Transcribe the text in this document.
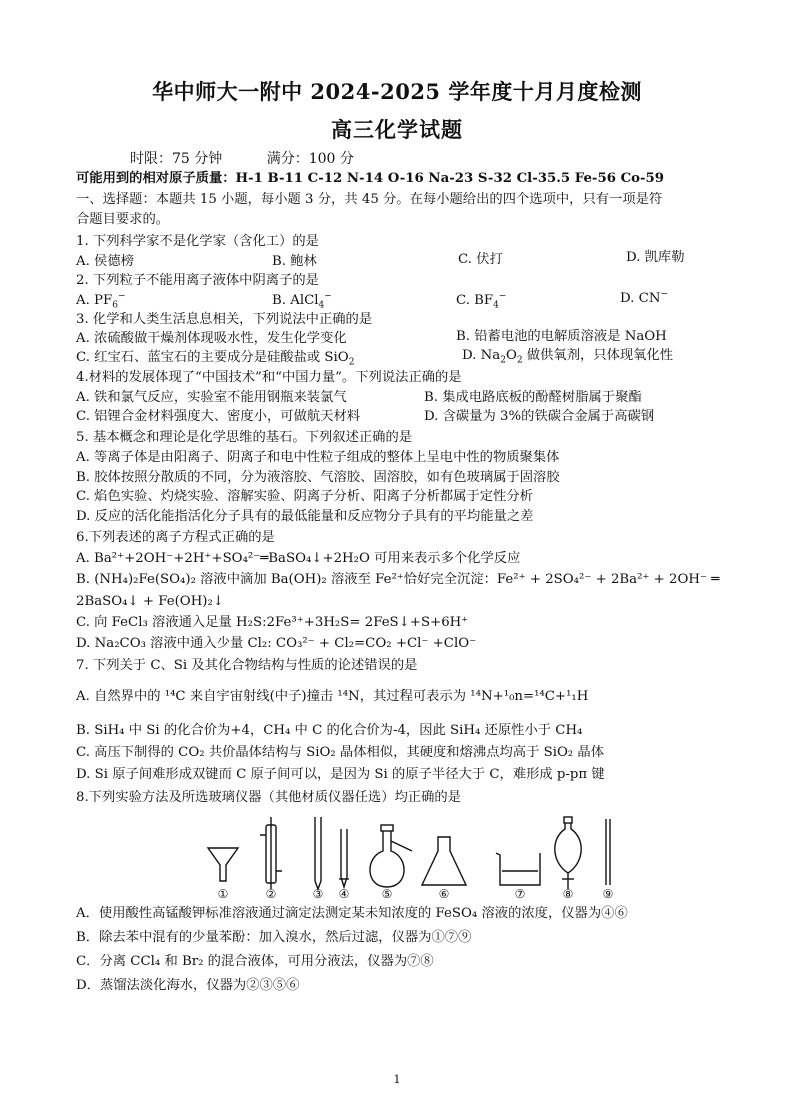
华中师大一附中 2024-2025 学年度十月月度检测
高三化学试题
时限：75 分钟	满分：100 分
可能用到的相对原子质量：H-1 B-11 C-12 N-14 O-16 Na-23 S-32 Cl-35.5 Fe-56 Co-59
一、选择题：本题共 15 小题，每小题 3 分，共 45 分。在每小题给出的四个选项中，只有一项是符
合题目要求的。
1. 下列科学家不是化学家（含化工）的是
A. 侯德榜	B. 鲍林	C. 伏打	D. 凯库勒
2. 下列粒子不能用离子液体中阴离子的是
A. $PF_6^-$	B. AlCl$_4$−	C. $BF_4^-$	D. CN−
3. 化学和人类生活息息相关，下列说法中正确的是
A. 浓硫酸做干燥剂体现吸水性，发生化学变化	B. 铅蓄电池的电解质溶液是 NaOH
C. 红宝石、蓝宝石的主要成分是硅酸盐或 SiO$_2$	D. $Na_2O_2$ 做供氧剂，只体现氧化性
4.材料的发展体现了“中国技术”和“中国力量”。下列说法正确的是
A. 铁和氯气反应，实验室不能用钢瓶来装氯气	B. 集成电路底板的酚醛树脂属于聚酯
C. 铝锂合金材料强度大、密度小，可做航天材料	D. 含碳量为 3%的铁碳合金属于高碳钢
5. 基本概念和理论是化学思维的基石。下列叙述正确的是
A. 等离子体是由阳离子、阴离子和电中性粒子组成的整体上呈电中性的物质聚集体
B. 胶体按照分散质的不同，分为液溶胶、气溶胶、固溶胶，如有色玻璃属于固溶胶
C. 焰色实验、灼烧实验、溶解实验、阴离子分析、阳离子分析都属于定性分析
D. 反应的活化能指活化分子具有的最低能量和反应物分子具有的平均能量之差
6.下列表述的离子方程式正确的是
A. Ba²⁺+2OH⁻+2H⁺+SO₄²⁻═BaSO₄↓+2H₂O 可用来表示多个化学反应
B. (NH₄)₂Fe(SO₄)₂ 溶液中滴加 Ba(OH)₂ 溶液至 Fe²⁺恰好完全沉淀：Fe²⁺ + 2SO₄²⁻ + 2Ba²⁺ + 2OH⁻ ═
2BaSO₄↓ + Fe(OH)₂↓
C. 向 FeCl₃ 溶液通入足量 H₂S:2Fe³⁺+3H₂S= 2FeS↓+S+6H⁺
D. Na₂CO₃ 溶液中通入少量 Cl₂: CO₃²⁻ + Cl₂=CO₂ +Cl⁻ +ClO⁻
7. 下列关于 C、Si 及其化合物结构与性质的论述错误的是
A. 自然界中的 ¹⁴C 来自宇宙射线(中子)撞击 ¹⁴N，其过程可表示为 ¹⁴N+¹₀n=¹⁴C+¹₁H
B. SiH₄ 中 Si 的化合价为+4，CH₄ 中 C 的化合价为-4，因此 SiH₄ 还原性小于 CH₄
C. 高压下制得的 CO₂ 共价晶体结构与 SiO₂ 晶体相似，其硬度和熔沸点均高于 SiO₂ 晶体
D. Si 原子间难形成双键而 C 原子间可以，是因为 Si 的原子半径大于 C，难形成 p-pπ 键
8.下列实验方法及所选玻璃仪器（其他材质仪器任选）均正确的是
①	②	③ ④	⑤	⑥	⑦	⑧ ⑨
A．使用酸性高锰酸钾标准溶液通过滴定法测定某未知浓度的 FeSO₄ 溶液的浓度，仪器为④⑥
B．除去苯中混有的少量苯酚：加入溴水，然后过滤，仪器为①⑦⑨
C．分离 CCl₄ 和 Br₂ 的混合液体，可用分液法，仪器为⑦⑧
D．蒸馏法淡化海水，仪器为②③⑤⑥
1
